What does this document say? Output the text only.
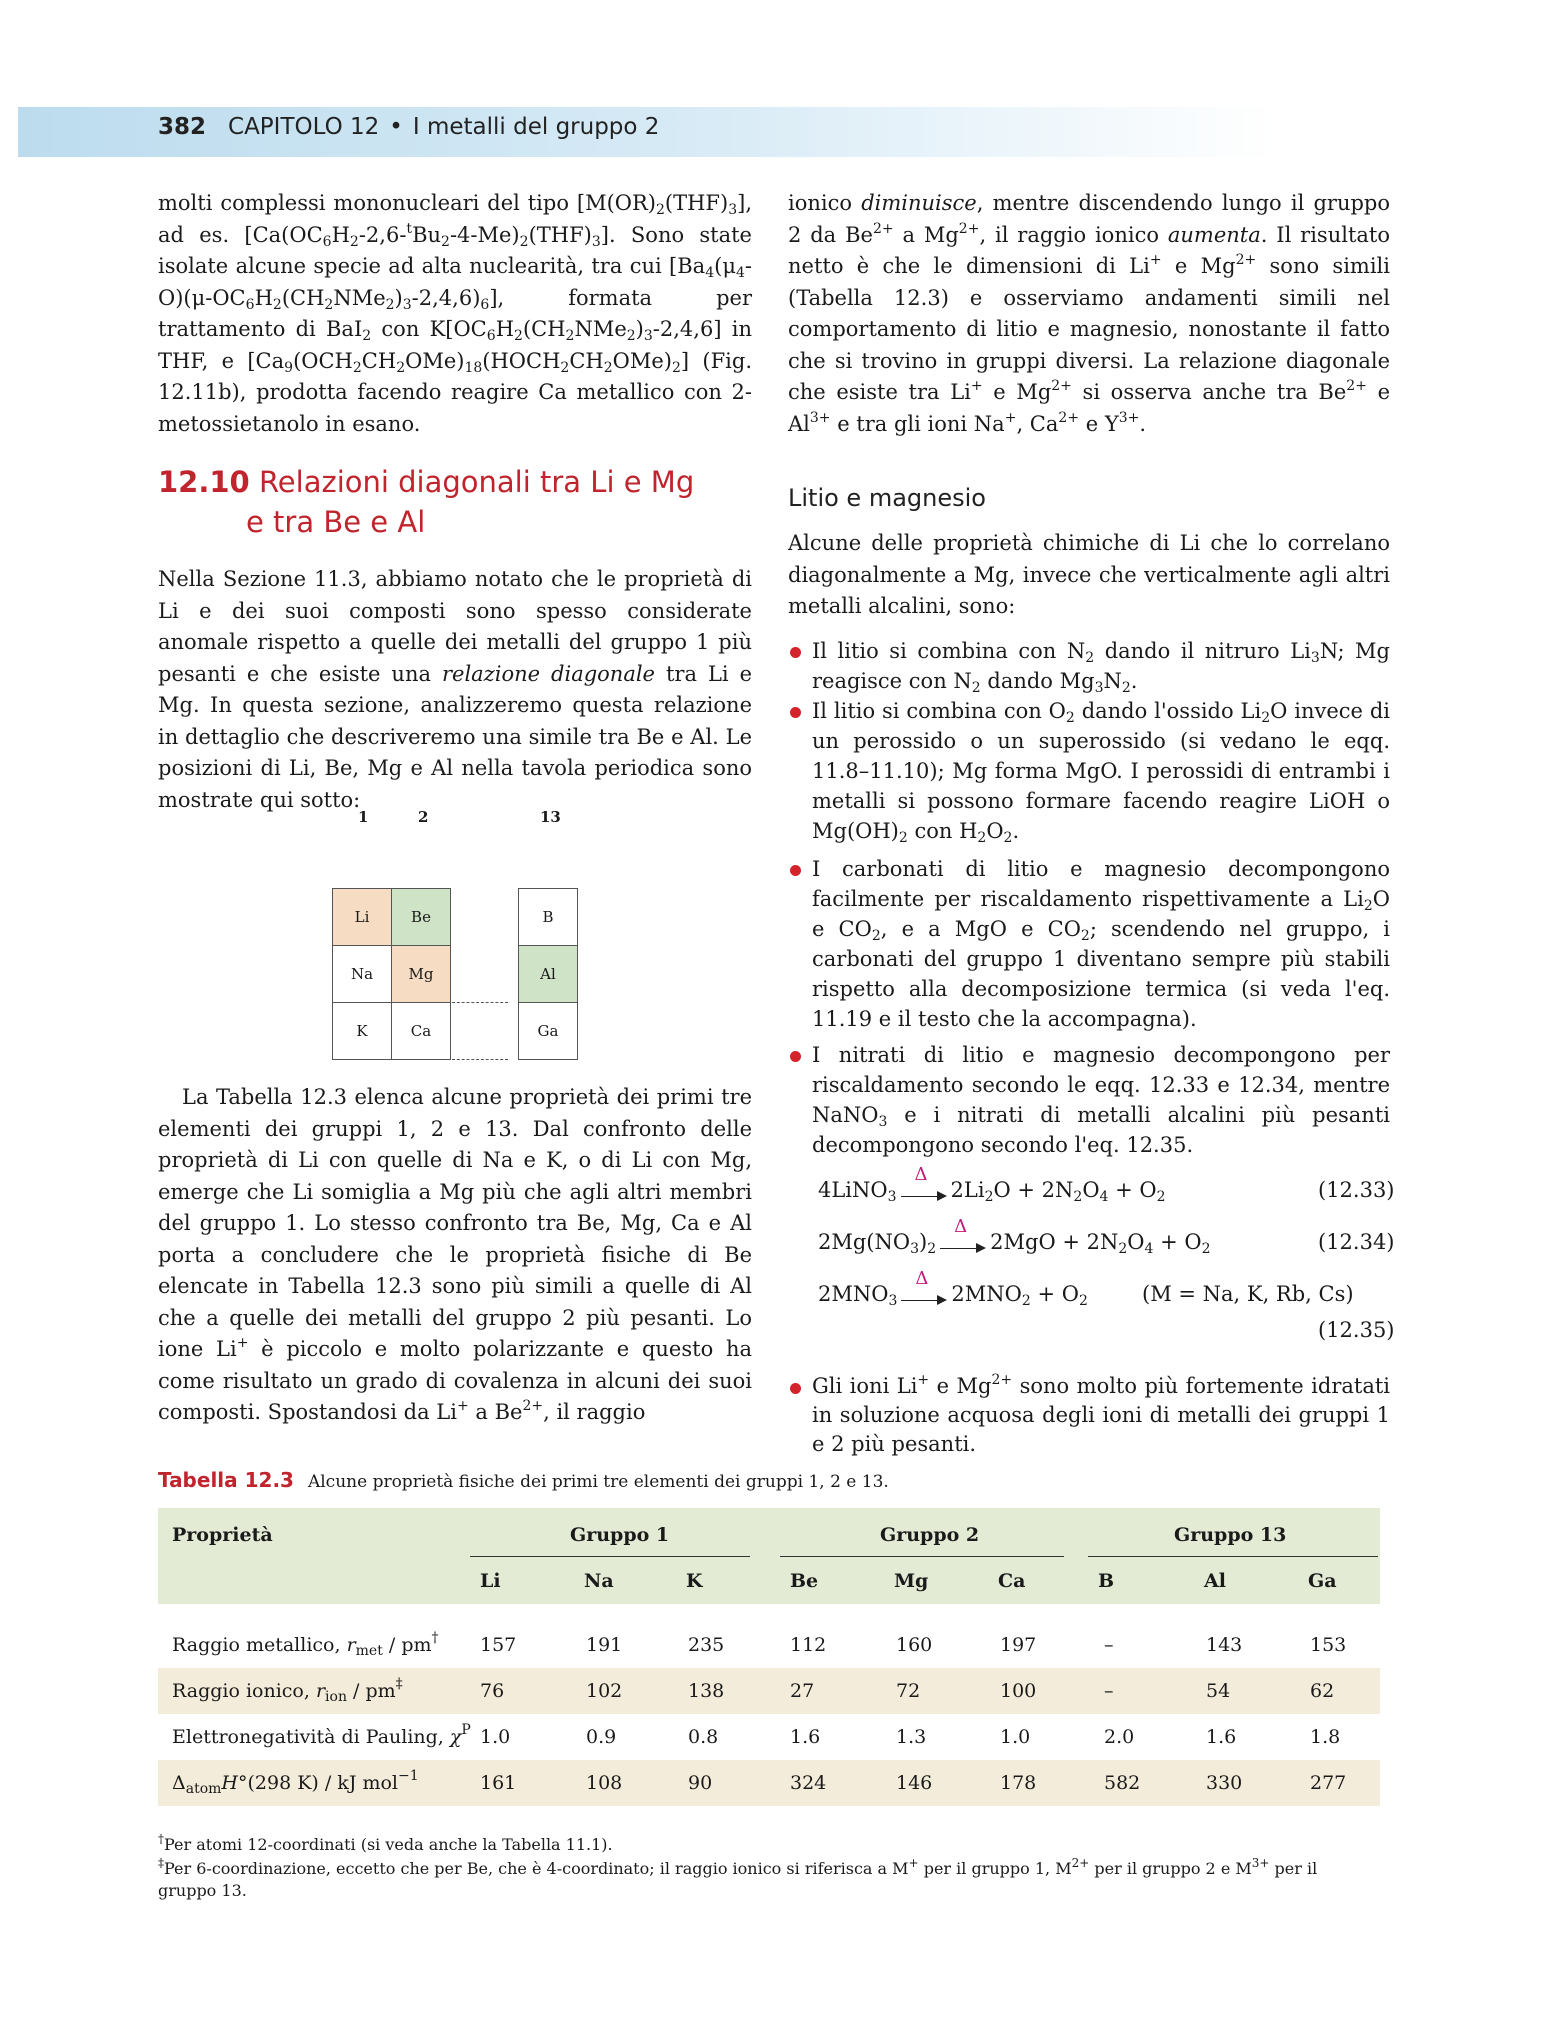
382 CAPITOLO 12 • I metalli del gruppo 2

molti complessi mononucleari del tipo $[M(OR)_2(THF)_3]$, ad es. $[Ca(OC_6H_2-2,6-^tBu_2-4-Me)_2(THF)_3]$. Sono state isolate alcune specie ad alta nuclearità, tra cui $[Ba_4(\mu_4-O)(\mu-OC_6H_2(CH_2NMe_2)_3-2,4,6)_6]$, formata per trattamento di BaI$_2$ con $K[OC_6H_2(CH_2NMe_2)_3-2,4,6]$ in THF, e $[Ca_9(OCH_2CH_2OMe)_{18}(HOCH_2CH_2OMe)_2]$ (Fig. 12.11b), prodotta facendo reagire Ca metallico con 2-metossietanolo in esano.

12.10 Relazioni diagonali tra Li e Mg
e tra Be e Al

Nella Sezione 11.3, abbiamo notato che le proprietà di Li e dei suoi composti sono spesso considerate anomale rispetto a quelle dei metalli del gruppo 1 più pesanti e che esiste una relazione diagonale tra Li e Mg. In questa sezione, analizzeremo questa relazione in dettaglio che descriveremo una simile tra Be e Al. Le posizioni di Li, Be, Mg e Al nella tavola periodica sono mostrate qui sotto:

1	2	13
Li	Be	B
Na	Mg	Al
K	Ca	Ga

La Tabella 12.3 elenca alcune proprietà dei primi tre elementi dei gruppi 1, 2 e 13. Dal confronto delle proprietà di Li con quelle di Na e K, o di Li con Mg, emerge che Li somiglia a Mg più che agli altri membri del gruppo 1. Lo stesso confronto tra Be, Mg, Ca e Al porta a concludere che le proprietà fisiche di Be elencate in Tabella 12.3 sono più simili a quelle di Al che a quelle dei metalli del gruppo 2 più pesanti. Lo ione Li+ è piccolo e molto polarizzante e questo ha come risultato un grado di covalenza in alcuni dei suoi composti. Spostandosi da Li+ a $Be^{2+}$, il raggio

ionico diminuisce, mentre discendendo lungo il gruppo 2 da $Be^{2+}$ a $Mg^{2+}$, il raggio ionico aumenta. Il risultato netto è che le dimensioni di Li+ e $Mg^{2+}$ sono simili (Tabella 12.3) e osserviamo andamenti simili nel comportamento di litio e magnesio, nonostante il fatto che si trovino in gruppi diversi. La relazione diagonale che esiste tra Li+ e $Mg^{2+}$ si osserva anche tra $Be^{2+}$ e $Al^{3+}$ e tra gli ioni Na+, $Ca^{2+}$ e $Y^{3+}$.

Litio e magnesio

Alcune delle proprietà chimiche di Li che lo correlano diagonalmente a Mg, invece che verticalmente agli altri metalli alcalini, sono:

Il litio si combina con $N_2$ dando il nitruro $Li_3N$; Mg reagisce con $N_2$ dando $Mg_3N_2$.
Il litio si combina con $O_2$ dando l'ossido $Li_2O$ invece di un perossido o un superossido (si vedano le eqq. 11.8–11.10); Mg forma MgO. I perossidi di entrambi i metalli si possono formare facendo reagire LiOH o $Mg(OH)_2$ con $H_2O_2$.
I carbonati di litio e magnesio decompongono facilmente per riscaldamento rispettivamente a $Li_2O$ e $CO_2$, e a MgO e $CO_2$; scendendo nel gruppo, i carbonati del gruppo 1 diventano sempre più stabili rispetto alla decomposizione termica (si veda l'eq. 11.19 e il testo che la accompagna).
I nitrati di litio e magnesio decompongono per riscaldamento secondo le eqq. 12.33 e 12.34, mentre NaNO$_3$ e i nitrati di metalli alcalini più pesanti decompongono secondo l'eq. 12.35.
4LiNO$_3$
Δ
$2Li_2O + 2N_2O_4 + O_2$	(12.33)
$2Mg(NO_3)_2$
Δ
$2MgO + 2N_2O_4 + O_2$	(12.34)
$2MNO_3$
Δ
$2MNO_2 + O_2$	(M = Na, K, Rb, Cs)
(12.35)
Gli ioni Li+ e $Mg^{2+}$ sono molto più fortemente idratati in soluzione acquosa degli ioni di metalli dei gruppi 1 e 2 più pesanti.
Tabella 12.3 Alcune proprietà fisiche dei primi tre elementi dei gruppi 1, 2 e 13.
Proprietà	Gruppo 1	Gruppo 2	Gruppo 13
Li	Na	K	Be	Mg	Ca	B	Al	Ga
Raggio metallico, $r_{met} / pm^\dagger$ 157	191	235	112	160	197	–	143	153
Raggio ionico, $r_{ion} / pm^\ddagger$	76	102	138	27	72	100	–	54	62
Elettronegatività di Pauling, $\chi^P$ 1.0	0.9	0.8	1.6	1.3	1.0	2.0	1.6	1.8
$\Delta_{atom}H^\circ(298$ K) / kJ mol$^{-1}$	161	108	90	324	146	178	582	330	277
†Per atomi 12-coordinati (si veda anche la Tabella 11.1).
‡Per 6-coordinazione, eccetto che per Be, che è 4-coordinato; il raggio ionico si riferisca a M+ per il gruppo 1, $M^{2+}$ per il gruppo 2 e $M^{3+}$ per il gruppo 13.
